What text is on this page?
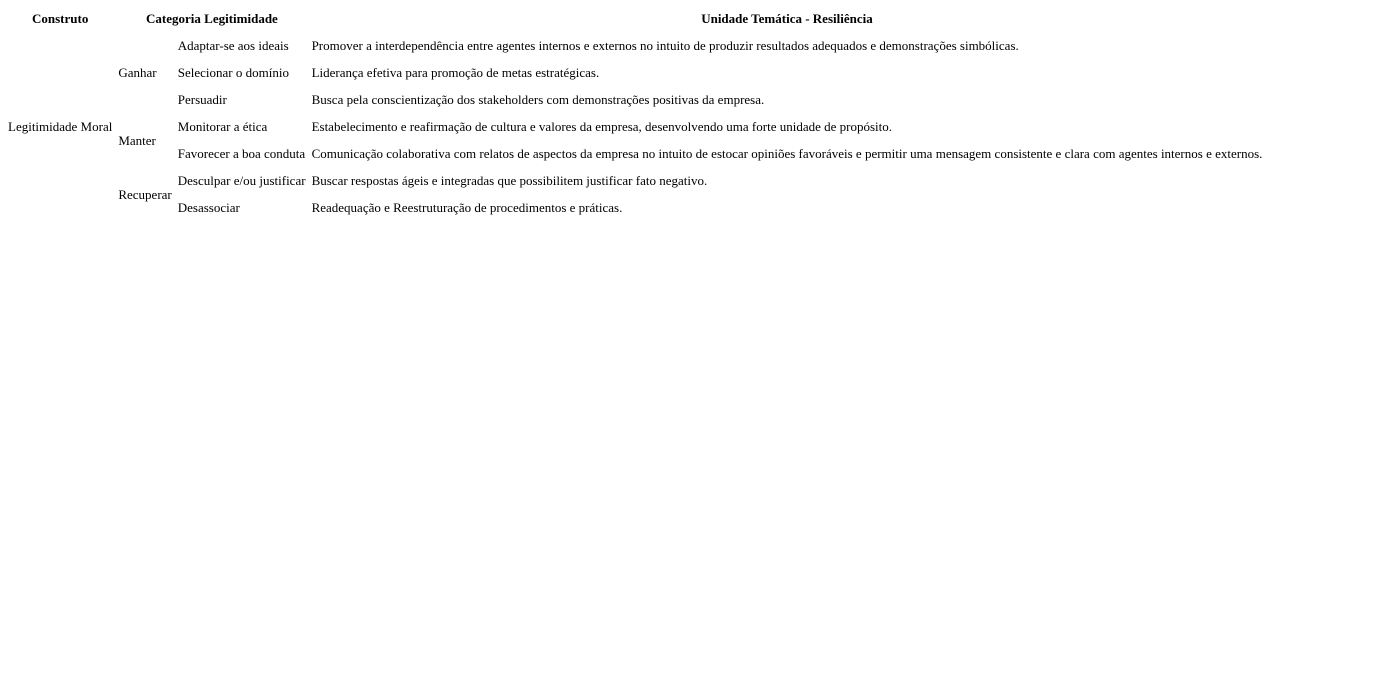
Construto	Categoria Legitimidade		Unidade Temática - Resiliência
Legitimidade Moral	Ganhar	Adaptar-se aos ideais	Promover a interdependência entre agentes internos e externos no intuito de produzir resultados adequados e demonstrações simbólicas.
		Selecionar o domínio	Liderança efetiva para promoção de metas estratégicas.
		Persuadir	Busca pela conscientização dos stakeholders com demonstrações positivas da empresa.
	Manter	Monitorar a ética	Estabelecimento e reafirmação de cultura e valores da empresa, desenvolvendo uma forte unidade de propósito.
		Favorecer a boa conduta	Comunicação colaborativa com relatos de aspectos da empresa no intuito de estocar opiniões favoráveis e permitir uma mensagem consistente e clara com agentes internos e externos.
	Recuperar	Desculpar e/ou justificar	Buscar respostas ágeis e integradas que possibilitem justificar fato negativo.
		Desassociar	Readequação e Reestruturação de procedimentos e práticas.
